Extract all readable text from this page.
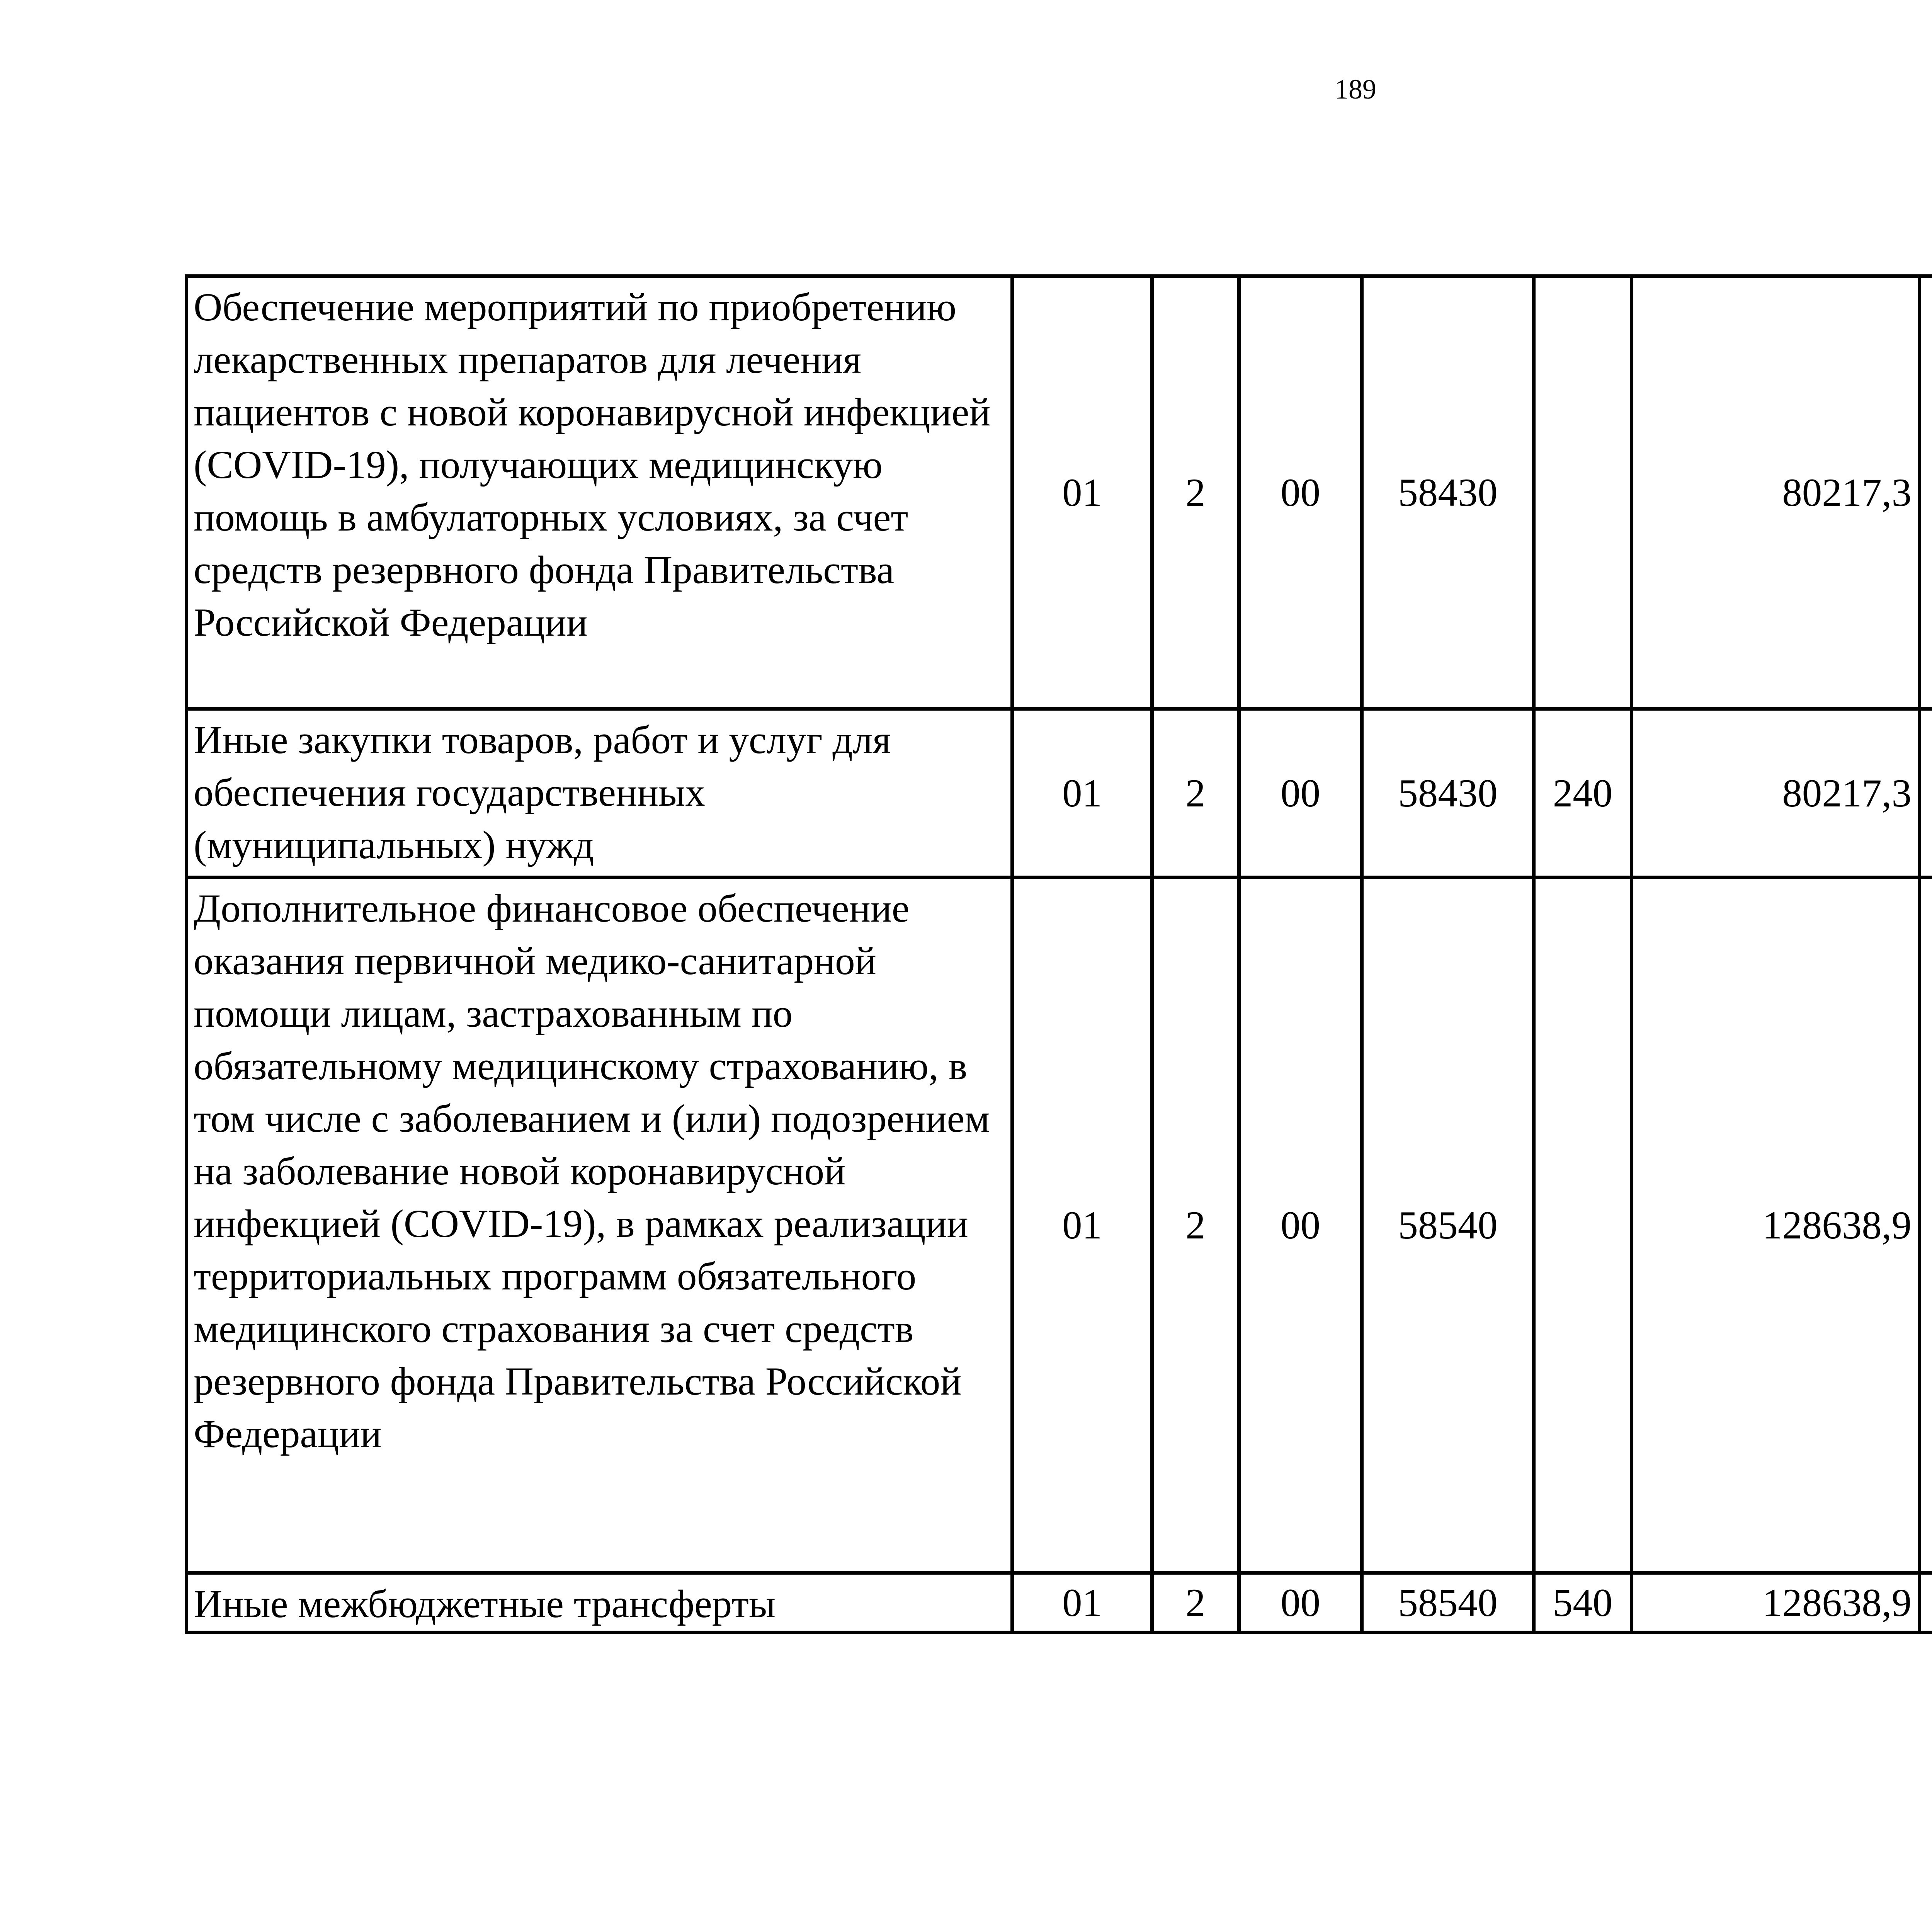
189
Обеспечение мероприятий по приобретению лекарственных препаратов для лечения пациентов с новой коронавирусной инфекцией (COVID-19), получающих медицинскую помощь в амбулаторных условиях, за счет средств резервного фонда Правительства Российской Федерации	01	2	00	58430		80217,3		
Иные закупки товаров, работ и услуг для обеспечения государственных (муниципальных) нужд	01	2	00	58430	240	80217,3		
Дополнительное финансовое обеспечение оказания первичной медико-санитарной помощи лицам, застрахованным по обязательному медицинскому страхованию, в том числе с заболеванием и (или) подозрением на заболевание новой коронавирусной инфекцией (COVID-19), в рамках реализации территориальных программ обязательного медицинского страхования за счет средств резервного фонда Правительства Российской Федерации	01	2	00	58540		128638,9		
Иные межбюджетные трансферты	01	2	00	58540	540	128638,9		
